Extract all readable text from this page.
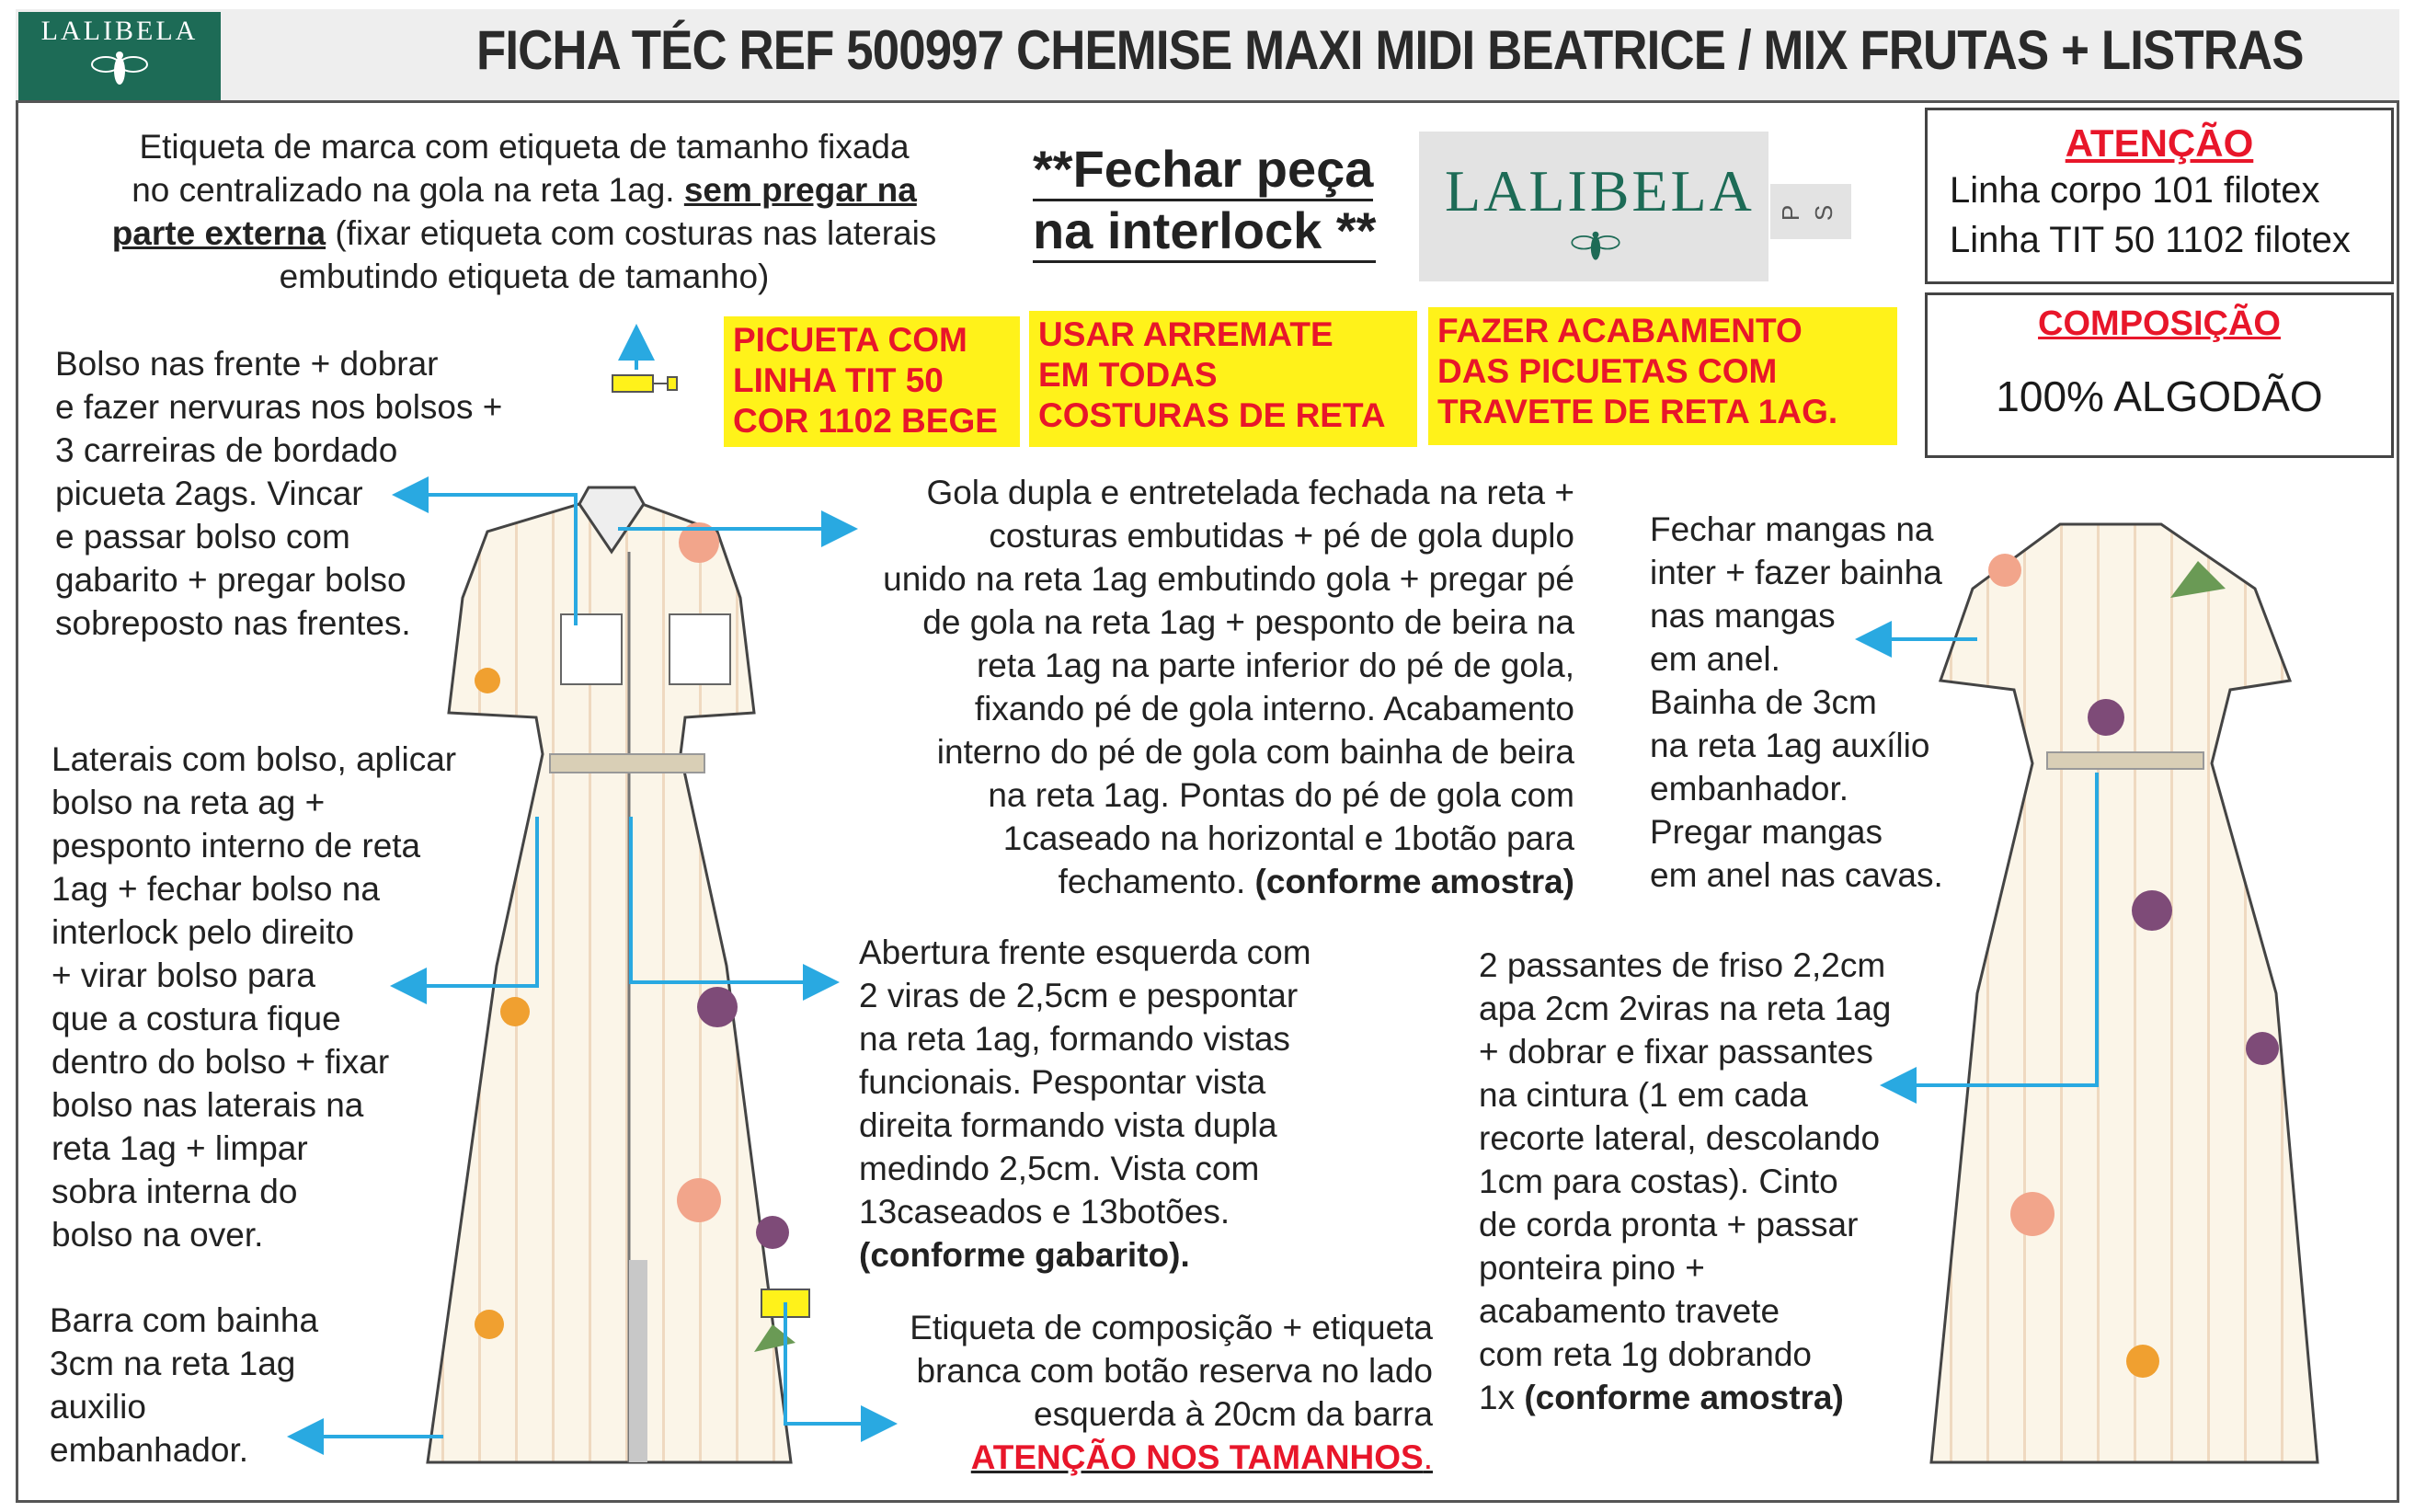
LALIBELA	FICHA TÉC REF 500997 CHEMISE MAXI MIDI BEATRICE / MIX FRUTAS + LISTRAS
Etiqueta de marca com etiqueta de tamanho fixada
no centralizado na gola na reta 1ag. sem pregar na
parte externa (fixar etiqueta com costuras nas laterais
embutindo etiqueta de tamanho)
**Fechar peça
na interlock **
LALIBELA P S
ATENÇÃO
Linha corpo 101 filotex
Linha TIT 50 1102 filotex
COMPOSIÇÃO
100% ALGODÃO
PICUETA COM
LINHA TIT 50
COR 1102 BEGE
USAR ARREMATE
EM TODAS
COSTURAS DE RETA
FAZER ACABAMENTO
DAS PICUETAS COM
TRAVETE DE RETA 1AG.
Bolso nas frente + dobrar
e fazer nervuras nos bolsos +
3 carreiras de bordado
picueta 2ags. Vincar
e passar bolso com
gabarito + pregar bolso
sobreposto nas frentes.
Gola dupla e entretelada fechada na reta +
costuras embutidas + pé de gola duplo
unido na reta 1ag embutindo gola + pregar pé
de gola na reta 1ag + pesponto de beira na
reta 1ag na parte inferior do pé de gola,
fixando pé de gola interno. Acabamento
interno do pé de gola com bainha de beira
na reta 1ag. Pontas do pé de gola com
1caseado na horizontal e 1botão para
fechamento. (conforme amostra)
Laterais com bolso, aplicar
bolso na reta ag +
pesponto interno de reta
1ag + fechar bolso na
interlock pelo direito
+ virar bolso para
que a costura fique
dentro do bolso + fixar
bolso nas laterais na
reta 1ag + limpar
sobra interna do
bolso na over.
Abertura frente esquerda com
2 viras de 2,5cm e pespontar
na reta 1ag, formando vistas
funcionais. Pespontar vista
direita formando vista dupla
medindo 2,5cm. Vista com
13caseados e 13botões.
(conforme gabarito).
Barra com bainha
3cm na reta 1ag
auxilio
embanhador.
Etiqueta de composição + etiqueta
branca com botão reserva no lado
esquerda à 20cm da barra
ATENÇÃO NOS TAMANHOS.
Fechar mangas na
inter + fazer bainha
nas mangas
em anel.
Bainha de 3cm
na reta 1ag auxílio
embanhador.
Pregar mangas
em anel nas cavas.
2 passantes de friso 2,2cm
apa 2cm 2viras na reta 1ag
+ dobrar e fixar passantes
na cintura (1 em cada
recorte lateral, descolando
1cm para costas). Cinto
de corda pronta + passar
ponteira pino +
acabamento travete
com reta 1g dobrando
1x (conforme amostra)
